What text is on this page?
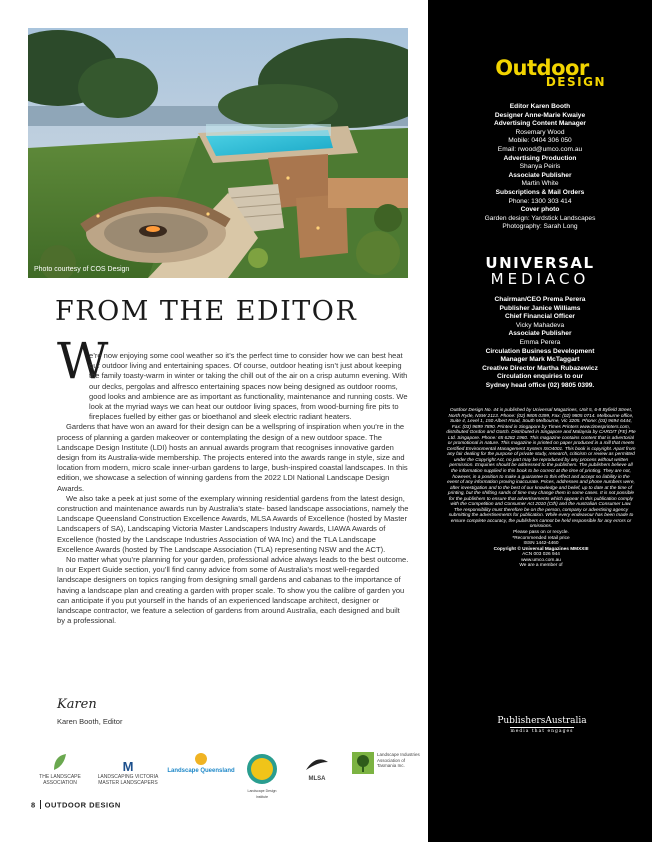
Photo courtesy of COS Design
FROM THE EDITOR
W

e’re now enjoying some cool weather so it’s the perfect time to consider how we can best heat our outdoor living and entertaining spaces. Of course, outdoor heating isn’t just about keeping the family toasty-warm in winter or taking the chill out of the air on a crisp autumn evening. With our decks, pergolas and alfresco entertaining spaces now being designed as outdoor rooms, good looks and ambience are as important as functionality, maintenance and running costs. We look at the myriad ways we can heat our outdoor living spaces, from wood-burning fire pits to fireplaces fuelled by either gas or bioethanol and sleek electric radiant heaters.

Gardens that have won an award for their design can be a wellspring of inspiration when you’re in the process of planning a garden makeover or contemplating the design of a new outdoor space. The Landscape Design Institute (LDI) hosts an annual awards program that recognises innovative garden design from its Australia-wide membership. The projects entered into the awards range in style, size and location from modern, micro scale inner-urban gardens to large, bush-inspired coastal landscapes. In this edition, we showcase a selection of winning gardens from the 2022 LDI National Landscape Design Awards.

We also take a peek at just some of the exemplary winning residential gardens from the latest design, construction and maintenance awards run by Australia’s state- based landscape associations, namely the Landscape Queensland Construction Excellence Awards, MLSA Awards of Excellence (hosted by Master Landscapers of SA), Landscaping Victoria Master Landscapers Industry Awards, LIAWA Awards of Excellence (hosted by the Landscape Industries Association of WA Inc) and the TLA Landscape Excellence Awards (hosted by The Landscape Association (TLA) representing NSW and the ACT).

No matter what you’re planning for your garden, professional advice always leads to the best outcome. In our Expert Guide section, you’ll find canny advice from some of Australia’s most well-regarded landscape designers on topics ranging from designing small gardens and cabanas to the importance of having a landscape plan and creating a garden with proper scale. To show you the calibre of garden you can anticipate if you put yourself in the hands of an experienced landscape architect, designer or landscape contractor, we feature a selection of gardens from around Australia, each designed and built by a professional.

Karen
Karen Booth, Editor
THE LANDSCAPE ASSOCIATION
M
LANDSCAPING VICTORIA MASTER LANDSCAPERS
Landscape Queensland
Landscape Design Institute
MLSA
Landscape Industries Association of Tasmania Inc.
8 OUTDOOR DESIGN
Outdoor
DESIGN
Editor Karen Booth
Designer Anne-Marie Kwaiye
Advertising Content Manager
Rosemary Wood
Mobile: 0404 306 050
Email: rwood@umco.com.au
Advertising Production
Shanya Peiris
Associate Publisher
Martin White
Subscriptions & Mail Orders
Phone: 1300 303 414
Cover photo
Garden design: Yardstick Landscapes
Photography: Sarah Long
UNIVERSAL
MEDIACO
Chairman/CEO Prema Perera
Publisher Janice Williams
Chief Financial Officer
Vicky Mahadeva
Associate Publisher
Emma Perera
Circulation Business Development
Manager Mark McTaggart
Creative Director Martha Rubazewicz
Circulation enquiries to our
Sydney head office (02) 9805 0399.

Outdoor Design No. 44 is published by Universal Magazines, Unit 5, 6-8 Byfield Street, North Ryde, NSW 2113. Phone: (02) 9805 0399, Fax: (02) 9805 0714. Melbourne office, Suite 4, Level 1, 150 Albert Road, South Melbourne, Vic 3205. Phone: (03) 9694 6444, Fax: (03) 9699 7890. Printed in Singapore by Times Printers www.timesprinters.com, distributed Gordon and Gotch. Distributed in Singapore and Malaysia by CARDIT (FE) Pte Ltd. Singapore. Phone: 65 6282 1960. This magazine contains content that is advertorial or promotional in nature. This magazine is printed on paper produced in a mill that meets Certified Environmental Management System ISO4001. This book is copyright. Apart from any fair dealing for the purpose of private study, research, criticism or review as permitted under the Copyright Act, no part may be reproduced by any process without written permission. Enquiries should be addressed to the publishers. The publishers believe all the information supplied in this book to be correct at the time of printing. They are not, however, in a position to make a guarantee to this effect and accept no liability in the event of any information proving inaccurate. Prices, addresses and phone numbers were, after investigation and to the best of our knowledge and belief, up to date at the time of printing, but the shifting sands of time may change them in some cases. It is not possible for the publishers to ensure that advertisements which appear in this publication comply with the Competition and Consumer Act 2010 (Cth) and the Australian Consumer Law. The responsibility must therefore be on the person, company or advertising agency submitting the advertisements for publication. While every endeavour has been made to ensure complete accuracy, the publishers cannot be held responsible for any errors or omissions.

Please pass on or recycle.

*Recommended retail price

ISSN 1442-4460

Copyright © Universal Magazines MMXXIII

ACN 003 026 944

www.umco.com.au

We are a member of

PublishersAustralia
media that engages
